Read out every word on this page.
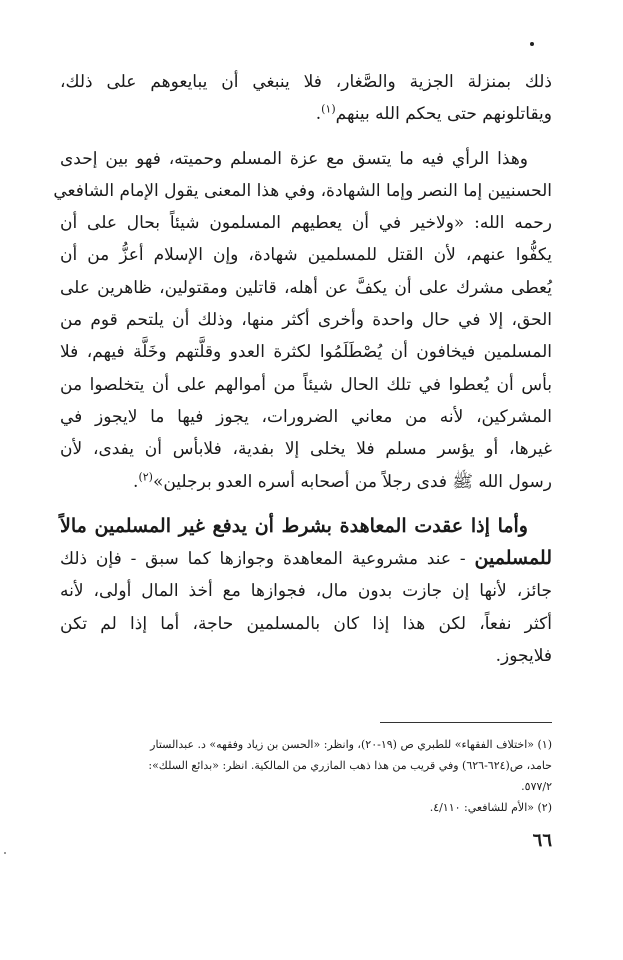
ذلك بمنزلة الجزية والصَّغار، فلا ينبغي أن يبايعوهم على ذلك،
ويقاتلونهم حتى يحكم الله بينهم$^{(١)}$.

وهذا الرأي فيه ما يتسق مع عزة المسلم وحميته، فهو بين إحدى
الحسنيين إما النصر وإما الشهادة، وفي هذا المعنى يقول الإمام الشافعي
رحمه الله: «ولاخير في أن يعطيهم المسلمون شيئاً بحال على أن
يكفُّوا عنهم، لأن القتل للمسلمين شهادة، وإن الإسلام أعزُّ من أن
يُعطى مشرك على أن يكفَّ عن أهله، قاتلين ومقتولين، ظاهرين على
الحق، إلا في حال واحدة وأخرى أكثر منها، وذلك أن يلتحم قوم من
المسلمين فيخافون أن يُصْطَلَمُوا لكثرة العدو وقلَّتهم وخَلَّة فيهم، فلا
بأس أن يُعطوا في تلك الحال شيئاً من أموالهم على أن يتخلصوا من
المشركين، لأنه من معاني الضرورات، يجوز فيها ما لايجوز في
غيرها، أو يؤسر مسلم فلا يخلى إلا بفدية، فلابأس أن يفدى، لأن
رسول الله ﷺ فدى رجلاً من أصحابه أسره العدو برجلين»$^{(٢)}$.

وأما إذا عقدت المعاهدة بشرط أن يدفع غير المسلمين مالاً
للمسلمين - عند مشروعية المعاهدة وجوازها كما سبق - فإن ذلك
جائز، لأنها إن جازت بدون مال، فجوازها مع أخذ المال أولى، لأنه
أكثر نفعاً، لكن هذا إذا كان بالمسلمين حاجة، أما إذا لم تكن
فلايجوز.

(١) «اختلاف الفقهاء» للطبري ص (١٩-٢٠)، وانظر: «الحسن بن زياد وفقهه» د. عبدالستار
حامد، ص(٦٢٤-٦٢٦) وفي قريب من هذا ذهب المازري من المالكية. انظر: «بدائع السلك»:
٥٧٧/٢.
(٢) «الأم للشافعي: ٤/١١٠.
٦٦
